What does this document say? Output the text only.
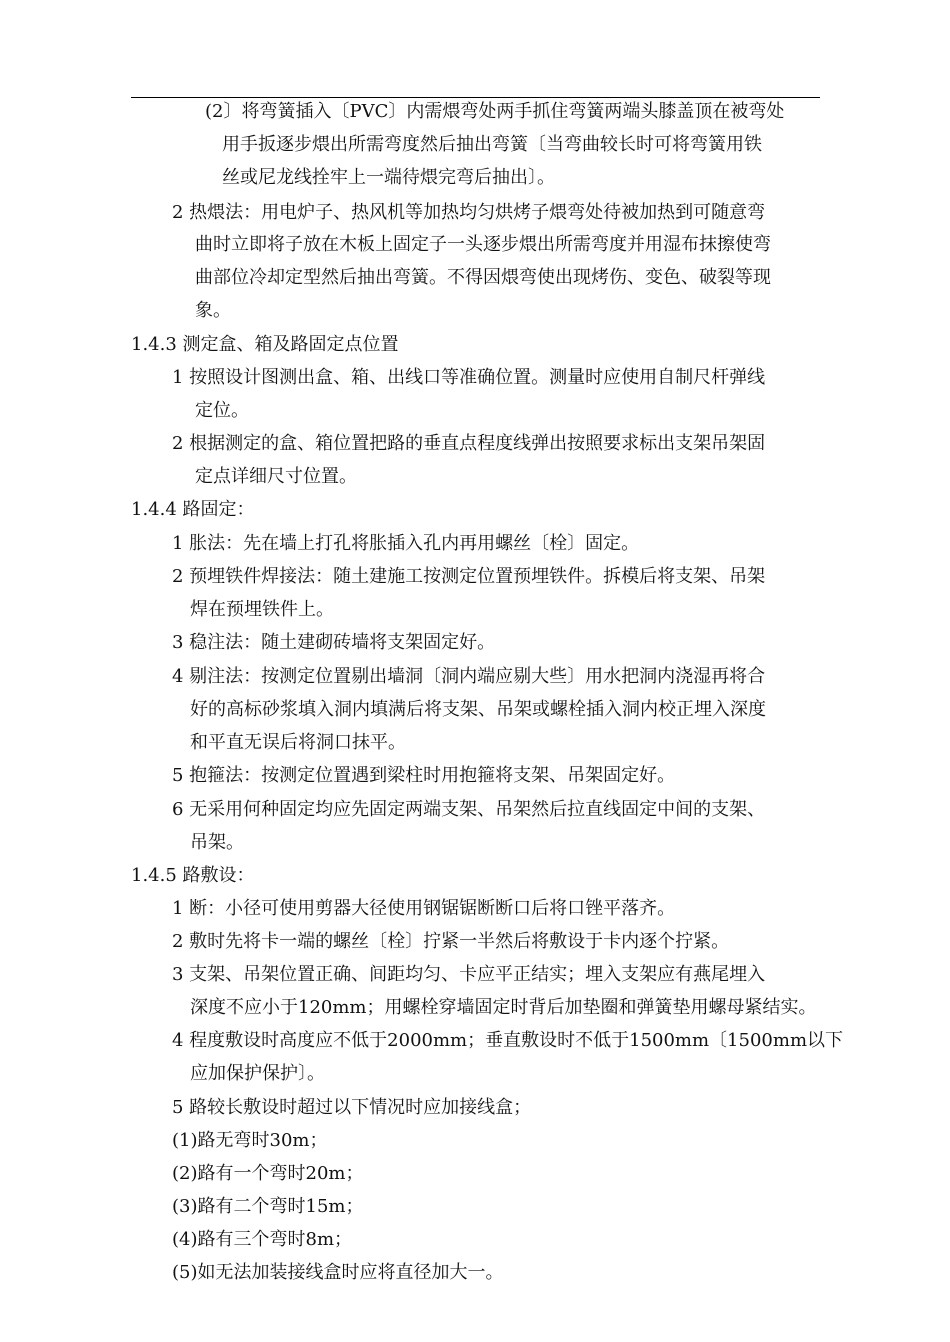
(2〕将弯簧插入〔PVC〕内需煨弯处两手抓住弯簧两端头膝盖顶在被弯处
用手扳逐步煨出所需弯度然后抽出弯簧〔当弯曲较长时可将弯簧用铁
丝或尼龙线拴牢上一端待煨完弯后抽出〕。
2 热煨法：用电炉子、热风机等加热均匀烘烤子煨弯处待被加热到可随意弯
曲时立即将子放在木板上固定子一头逐步煨出所需弯度并用湿布抹擦使弯
曲部位冷却定型然后抽出弯簧。不得因煨弯使出现烤伤、变色、破裂等现
象。
1.4.3 测定盒、箱及路固定点位置
1 按照设计图测出盒、箱、出线口等准确位置。测量时应使用自制尺杆弹线
定位。
2 根据测定的盒、箱位置把路的垂直点程度线弹出按照要求标出支架吊架固
定点详细尺寸位置。
1.4.4 路固定：
1 胀法：先在墙上打孔将胀插入孔内再用螺丝〔栓〕固定。
2 预埋铁件焊接法：随土建施工按测定位置预埋铁件。拆模后将支架、吊架
焊在预埋铁件上。
3 稳注法：随土建砌砖墙将支架固定好。
4 剔注法：按测定位置剔出墙洞〔洞内端应剔大些〕用水把洞内浇湿再将合
好的高标砂浆填入洞内填满后将支架、吊架或螺栓插入洞内校正埋入深度
和平直无误后将洞口抹平。
5 抱箍法：按测定位置遇到梁柱时用抱箍将支架、吊架固定好。
6 无采用何种固定均应先固定两端支架、吊架然后拉直线固定中间的支架、
吊架。
1.4.5 路敷设：
1 断：小径可使用剪器大径使用钢锯锯断断口后将口锉平落齐。
2 敷时先将卡一端的螺丝〔栓〕拧紧一半然后将敷设于卡内逐个拧紧。
3 支架、吊架位置正确、间距均匀、卡应平正结实；埋入支架应有燕尾埋入
深度不应小于120mm；用螺栓穿墙固定时背后加垫圈和弹簧垫用螺母紧结实。
4 程度敷设时高度应不低于2000mm；垂直敷设时不低于1500mm〔1500mm以下
应加保护保护〕。
5 路较长敷设时超过以下情况时应加接线盒；
(1)路无弯时30m；
(2)路有一个弯时20m；
(3)路有二个弯时15m；
(4)路有三个弯时8m；
(5)如无法加装接线盒时应将直径加大一。
